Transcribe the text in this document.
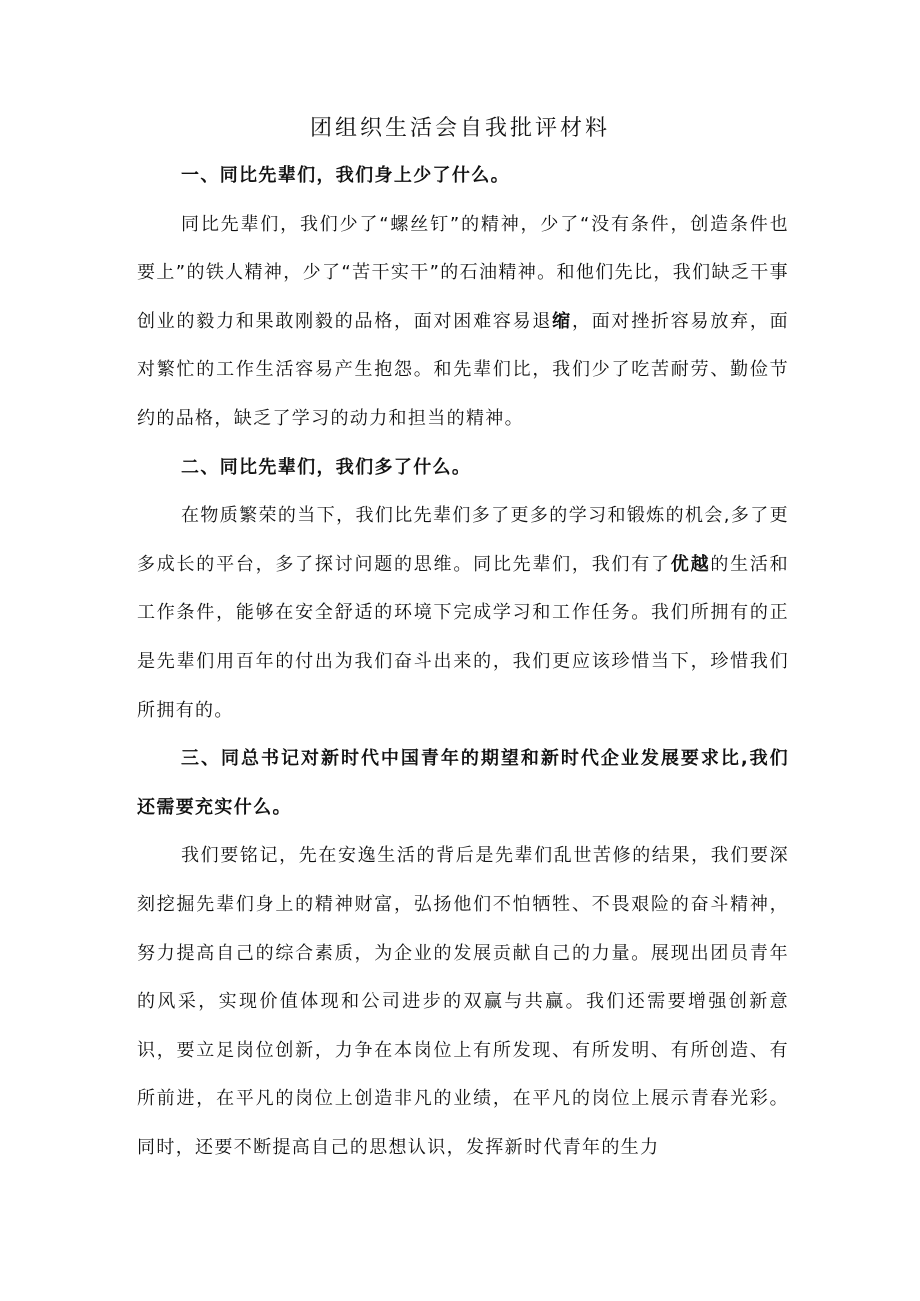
团组织生活会自我批评材料

一、同比先辈们，我们身上少了什么。

同比先辈们，我们少了“螺丝钉”的精神，少了“没有条件，创造条件也要上”的铁人精神，少了“苦干实干”的石油精神。和他们先比，我们缺乏干事创业的毅力和果敢刚毅的品格，面对困难容易退缩，面对挫折容易放弃，面对繁忙的工作生活容易产生抱怨。和先辈们比，我们少了吃苦耐劳、勤俭节约的品格，缺乏了学习的动力和担当的精神。

二、同比先辈们，我们多了什么。

在物质繁荣的当下，我们比先辈们多了更多的学习和锻炼的机会,多了更多成长的平台，多了探讨问题的思维。同比先辈们，我们有了优越的生活和工作条件，能够在安全舒适的环境下完成学习和工作任务。我们所拥有的正是先辈们用百年的付出为我们奋斗出来的，我们更应该珍惜当下，珍惜我们所拥有的。

三、同总书记对新时代中国青年的期望和新时代企业发展要求比,我们还需要充实什么。

我们要铭记，先在安逸生活的背后是先辈们乱世苦修的结果，我们要深刻挖掘先辈们身上的精神财富，弘扬他们不怕牺牲、不畏艰险的奋斗精神，努力提高自己的综合素质，为企业的发展贡献自己的力量。展现出团员青年的风采，实现价值体现和公司进步的双赢与共赢。我们还需要增强创新意识，要立足岗位创新，力争在本岗位上有所发现、有所发明、有所创造、有所前进，在平凡的岗位上创造非凡的业绩，在平凡的岗位上展示青春光彩。同时，还要不断提高自己的思想认识，发挥新时代青年的生力
